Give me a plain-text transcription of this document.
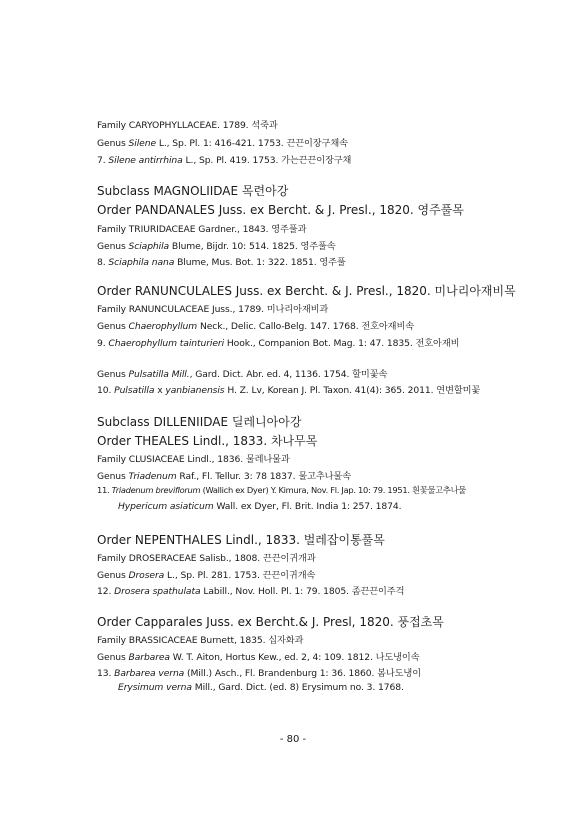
Family CARYOPHYLLACEAE. 1789. 석죽과
Genus Silene L., Sp. Pl. 1: 416-421. 1753. 끈끈이장구채속
7. Silene antirrhina L., Sp. Pl. 419. 1753. 가는끈끈이장구채
Subclass MAGNOLIIDAE 목련아강
Order PANDANALES Juss. ex Bercht. & J. Presl., 1820. 영주풀목
Family TRIURIDACEAE Gardner., 1843. 영주풀과
Genus Sciaphila Blume, Bijdr. 10: 514. 1825. 영주풀속
8. Sciaphila nana Blume, Mus. Bot. 1: 322. 1851. 영주풀
Order RANUNCULALES Juss. ex Bercht. & J. Presl., 1820. 미나리아재비목
Family RANUNCULACEAE Juss., 1789. 미나리아재비과
Genus Chaerophyllum Neck., Delic. Callo-Belg. 147. 1768. 전호아재비속
9. Chaerophyllum tainturieri Hook., Companion Bot. Mag. 1: 47. 1835. 전호아재비
Genus Pulsatilla Mill., Gard. Dict. Abr. ed. 4, 1136. 1754. 할미꽃속
10. Pulsatilla x yanbianensis H. Z. Lv, Korean J. Pl. Taxon. 41(4): 365. 2011. 연변할미꽃
Subclass DILLENIIDAE 딜레니아아강
Order THEALES Lindl., 1833. 차나무목
Family CLUSIACEAE Lindl., 1836. 물레나물과
Genus Triadenum Raf., Fl. Tellur. 3: 78 1837. 물고추나물속
11. Triadenum breviflorum (Wallich ex Dyer) Y. Kimura, Nov. Fl. Jap. 10: 79. 1951. 흰꽃물고추나물
Hypericum asiaticum Wall. ex Dyer, Fl. Brit. India 1: 257. 1874.
Order NEPENTHALES Lindl., 1833. 벌레잡이통풀목
Family DROSERACEAE Salisb., 1808. 끈끈이귀개과
Genus Drosera L., Sp. Pl. 281. 1753. 끈끈이귀개속
12. Drosera spathulata Labill., Nov. Holl. Pl. 1: 79. 1805. 좀끈끈이주걱
Order Capparales Juss. ex Bercht.& J. Presl, 1820. 풍접초목
Family BRASSICACEAE Burnett, 1835. 십자화과
Genus Barbarea W. T. Aiton, Hortus Kew., ed. 2, 4: 109. 1812. 나도냉이속
13. Barbarea verna (Mill.) Asch., Fl. Brandenburg 1: 36. 1860. 봄나도냉이
Erysimum verna Mill., Gard. Dict. (ed. 8) Erysimum no. 3. 1768.
- 80 -
